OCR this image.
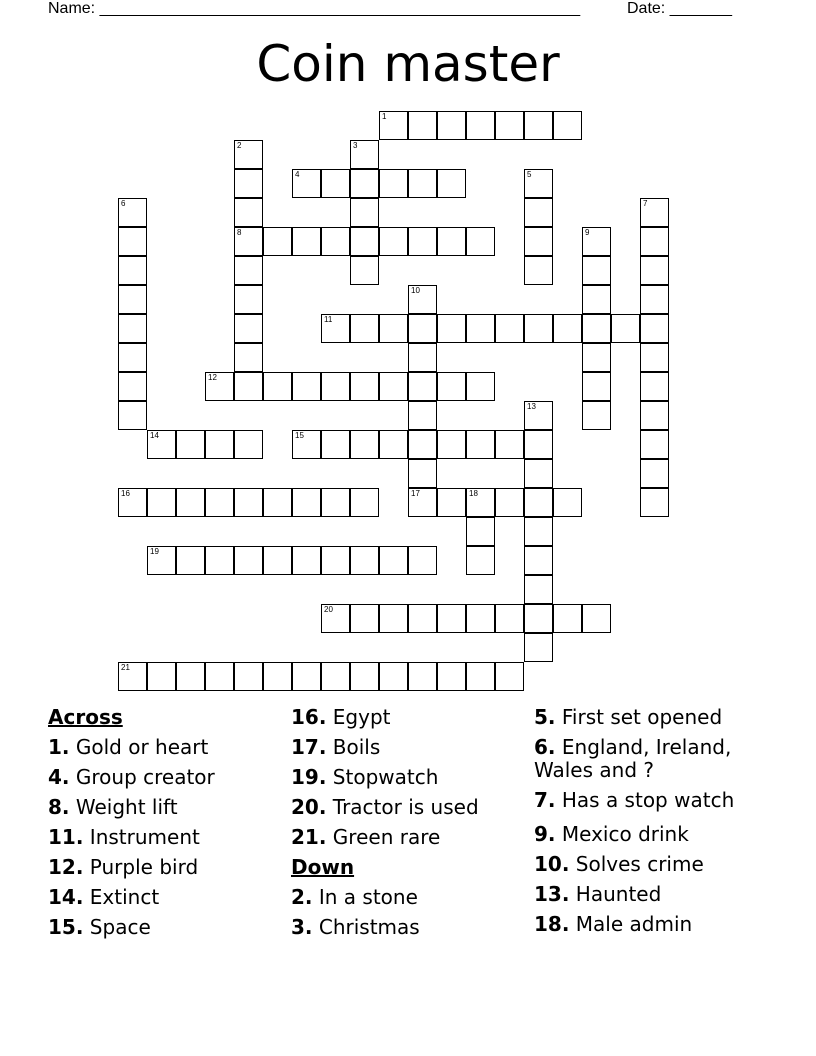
Name: ______________________________________________________	Date: _______
Coin master
1
2
8
3
4	5
6	7
9
10
11
12
13
14	15
16	17	18
19
20
21
Across
1. Gold or heart
4. Group creator
8. Weight lift
11. Instrument
12. Purple bird
14. Extinct
15. Space
16. Egypt
17. Boils
19. Stopwatch
20. Tractor is used
21. Green rare
Down
2. In a stone
3. Christmas
5. First set opened
6. England, Ireland, Wales and ?
7. Has a stop watch
9. Mexico drink
10. Solves crime
13. Haunted
18. Male admin
